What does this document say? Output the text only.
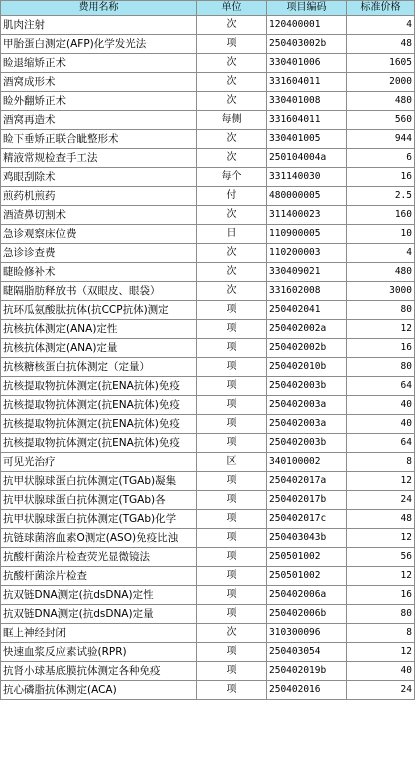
费用名称	单位	项目编码	标准价格
肌肉注射	次	120400001	4
甲胎蛋白测定(AFP)化学发光法	项	250403002b	48
睑退缩矫正术	次	330401006	1605
酒窝成形术	次	331604011	2000
睑外翻矫正术	次	330401008	480
酒窝再造术	每侧	331604011	560
睑下垂矫正联合眦整形术	次	330401005	944
精液常规检查手工法	次	250104004a	6
鸡眼刮除术	每个	331140030	16
煎药机煎药	付	480000005	2.5
酒渣鼻切割术	次	311400023	160
急诊观察床位费	日	110900005	10
急诊诊查费	次	110200003	4
睫睑修补术	次	330409021	480
睫隔脂肪释放书（双眼皮、眼袋）	次	331602008	3000
抗环瓜氨酸肽抗体(抗CCP抗体)测定	项	250402041	80
抗核抗体测定(ANA)定性	项	250402002a	12
抗核抗体测定(ANA)定量	项	250402002b	16
抗核糖核蛋白抗体测定（定量）	项	250402010b	80
抗核提取物抗体测定(抗ENA抗体)免疫	项	250402003b	64
抗核提取物抗体测定(抗ENA抗体)免疫	项	250402003a	40
抗核提取物抗体测定(抗ENA抗体)免疫	项	250402003a	40
抗核提取物抗体测定(抗ENA抗体)免疫	项	250402003b	64
可见光治疗	区	340100002	8
抗甲状腺球蛋白抗体测定(TGAb)凝集	项	250402017a	12
抗甲状腺球蛋白抗体测定(TGAb)各	项	250402017b	24
抗甲状腺球蛋白抗体测定(TGAb)化学	项	250402017c	48
抗链球菌溶血素O测定(ASO)免疫比浊	项	250403043b	12
抗酸杆菌涂片检查荧光显微镜法	项	250501002	56
抗酸杆菌涂片检查	项	250501002	12
抗双链DNA测定(抗dsDNA)定性	项	250402006a	16
抗双链DNA测定(抗dsDNA)定量	项	250402006b	80
眶上神经封闭	次	310300096	8
快速血浆反应素试验(RPR)	项	250403054	12
抗肾小球基底膜抗体测定各种免疫	项	250402019b	40
抗心磷脂抗体测定(ACA)	项	250402016	24
